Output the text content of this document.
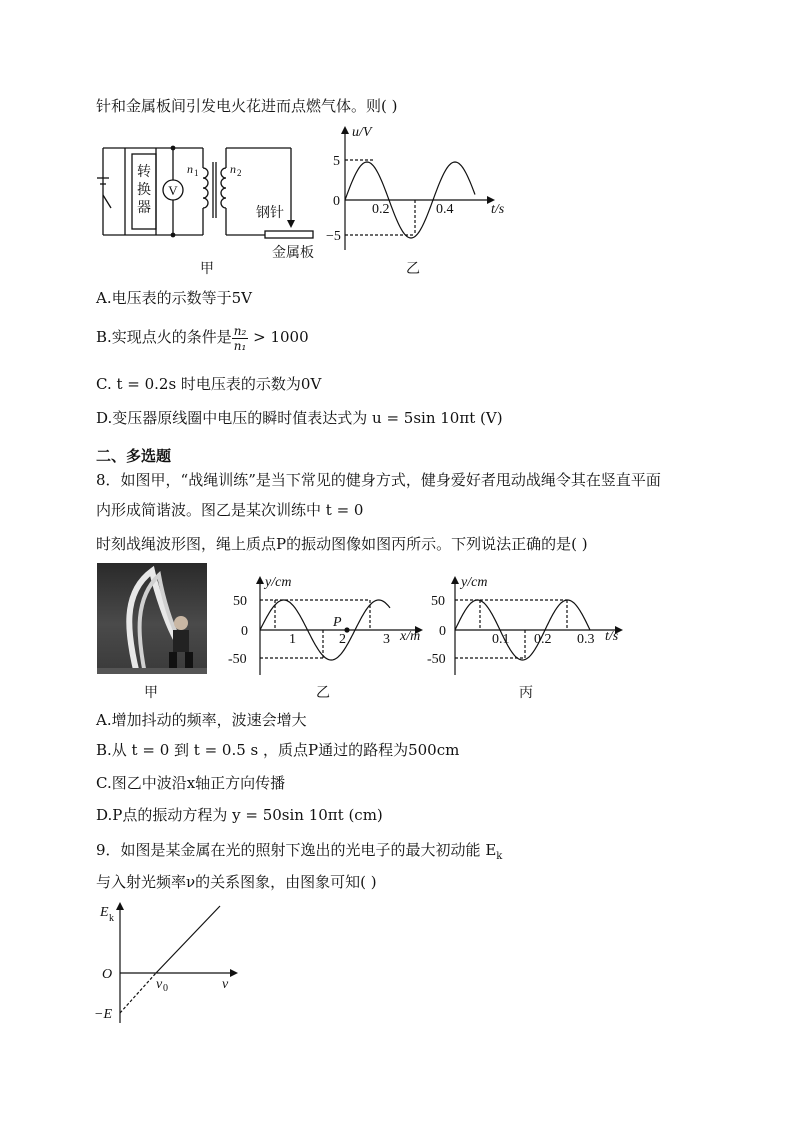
针和金属板间引发电火花进而点燃气体。则( )
V
n 1	n 2
转
换
器	钢针
金属板
甲
u/V
5
0
−5
0.2	0.4	t/s
乙
A.电压表的示数等于5V
B.实现点火的条件是 $\frac{\text{n₂}}{\text{n₁}} > 1000$
C. t = 0.2s 时电压表的示数为0V
D.变压器原线圈中电压的瞬时值表达式为 u = 5sin 10πt (V)
二、多选题
8．如图甲，“战绳训练”是当下常见的健身方式，健身爱好者甩动战绳令其在竖直平面
内形成简谐波。图乙是某次训练中 t = 0
时刻战绳波形图，绳上质点P的振动图像如图丙所示。下列说法正确的是( )
甲
y/cm
50
0
-50
1	2	3
P
x/m
乙
y/cm
50
0
-50
0.1 0.2 0.3 t/s
丙
A.增加抖动的频率，波速会增大
B.从 t = 0 到 t = 0.5 s ，质点P通过的路程为500cm
C.图乙中波沿x轴正方向传播
D.P点的振动方程为 y = 50sin 10πt (cm)
9．如图是某金属在光的照射下逸出的光电子的最大初动能 $E_k$
与入射光频率ν的关系图象，由图象可知( )
E k
O
ν 0	ν
−E
